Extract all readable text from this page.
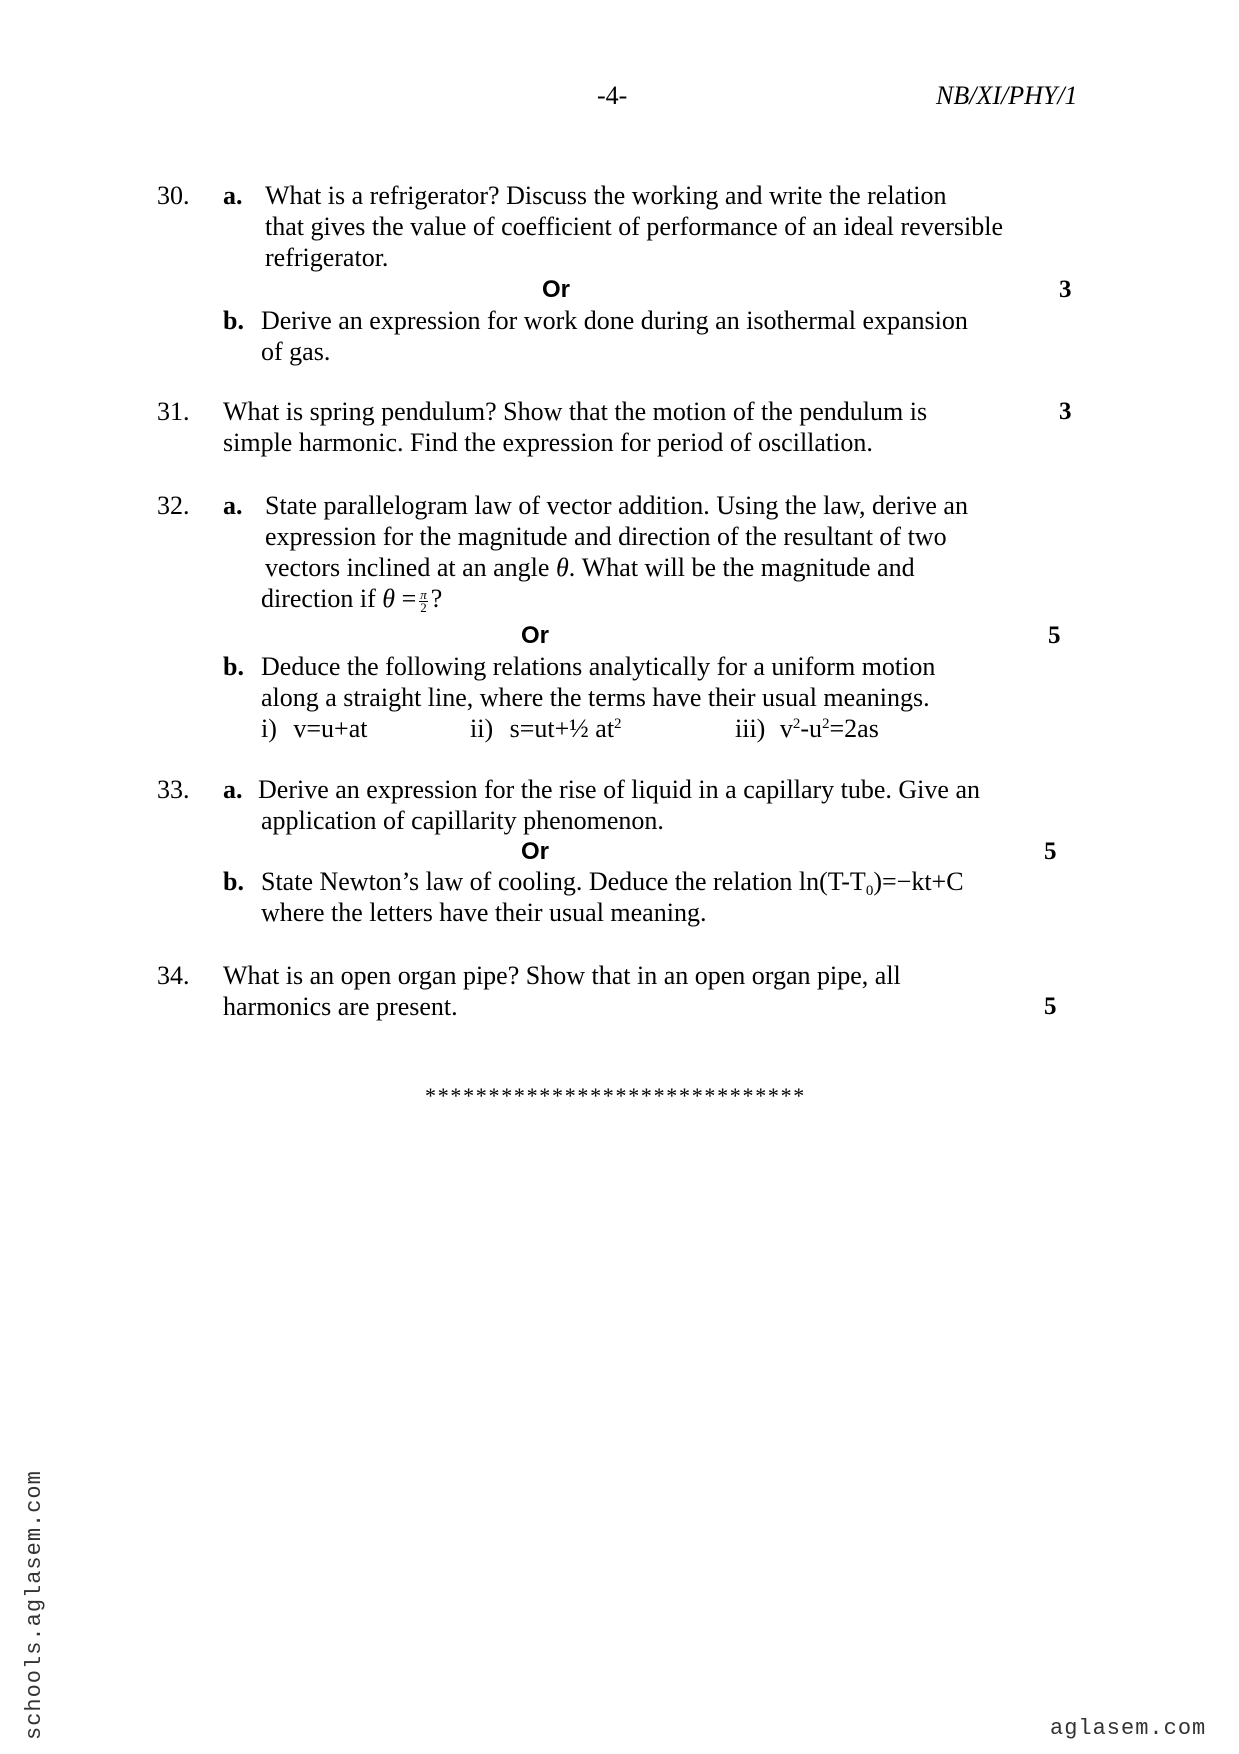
-4-	NB/XI/PHY/1
30. a. What is a refrigerator? Discuss the working and write the relation
that gives the value of coefficient of performance of an ideal reversible
refrigerator.
Or	3
b. Derive an expression for work done during an isothermal expansion
of gas.
31. What is spring pendulum? Show that the motion of the pendulum is	3
simple harmonic. Find the expression for period of oscillation.
32. a. State parallelogram law of vector addition. Using the law, derive an
expression for the magnitude and direction of the resultant of two
vectors inclined at an angle θ. What will be the magnitude and
direction if $\theta = \frac{\pi}{2}$ ?
Or	5
b. Deduce the following relations analytically for a uniform motion
along a straight line, where the terms have their usual meanings.
i) v=u+at	ii) s=ut+½ $at^2$	iii) $v^2-u^2=2as$
33. a. Derive an expression for the rise of liquid in a capillary tube. Give an
application of capillarity phenomenon.
Or	5
b. State Newton’s law of cooling. Deduce the relation $\ln(T-T_0)=-kt+C$
where the letters have their usual meaning.
34. What is an open organ pipe? Show that in an open organ pipe, all
harmonics are present.	5
******************************
schools.aglasem.com	aglasem.com
